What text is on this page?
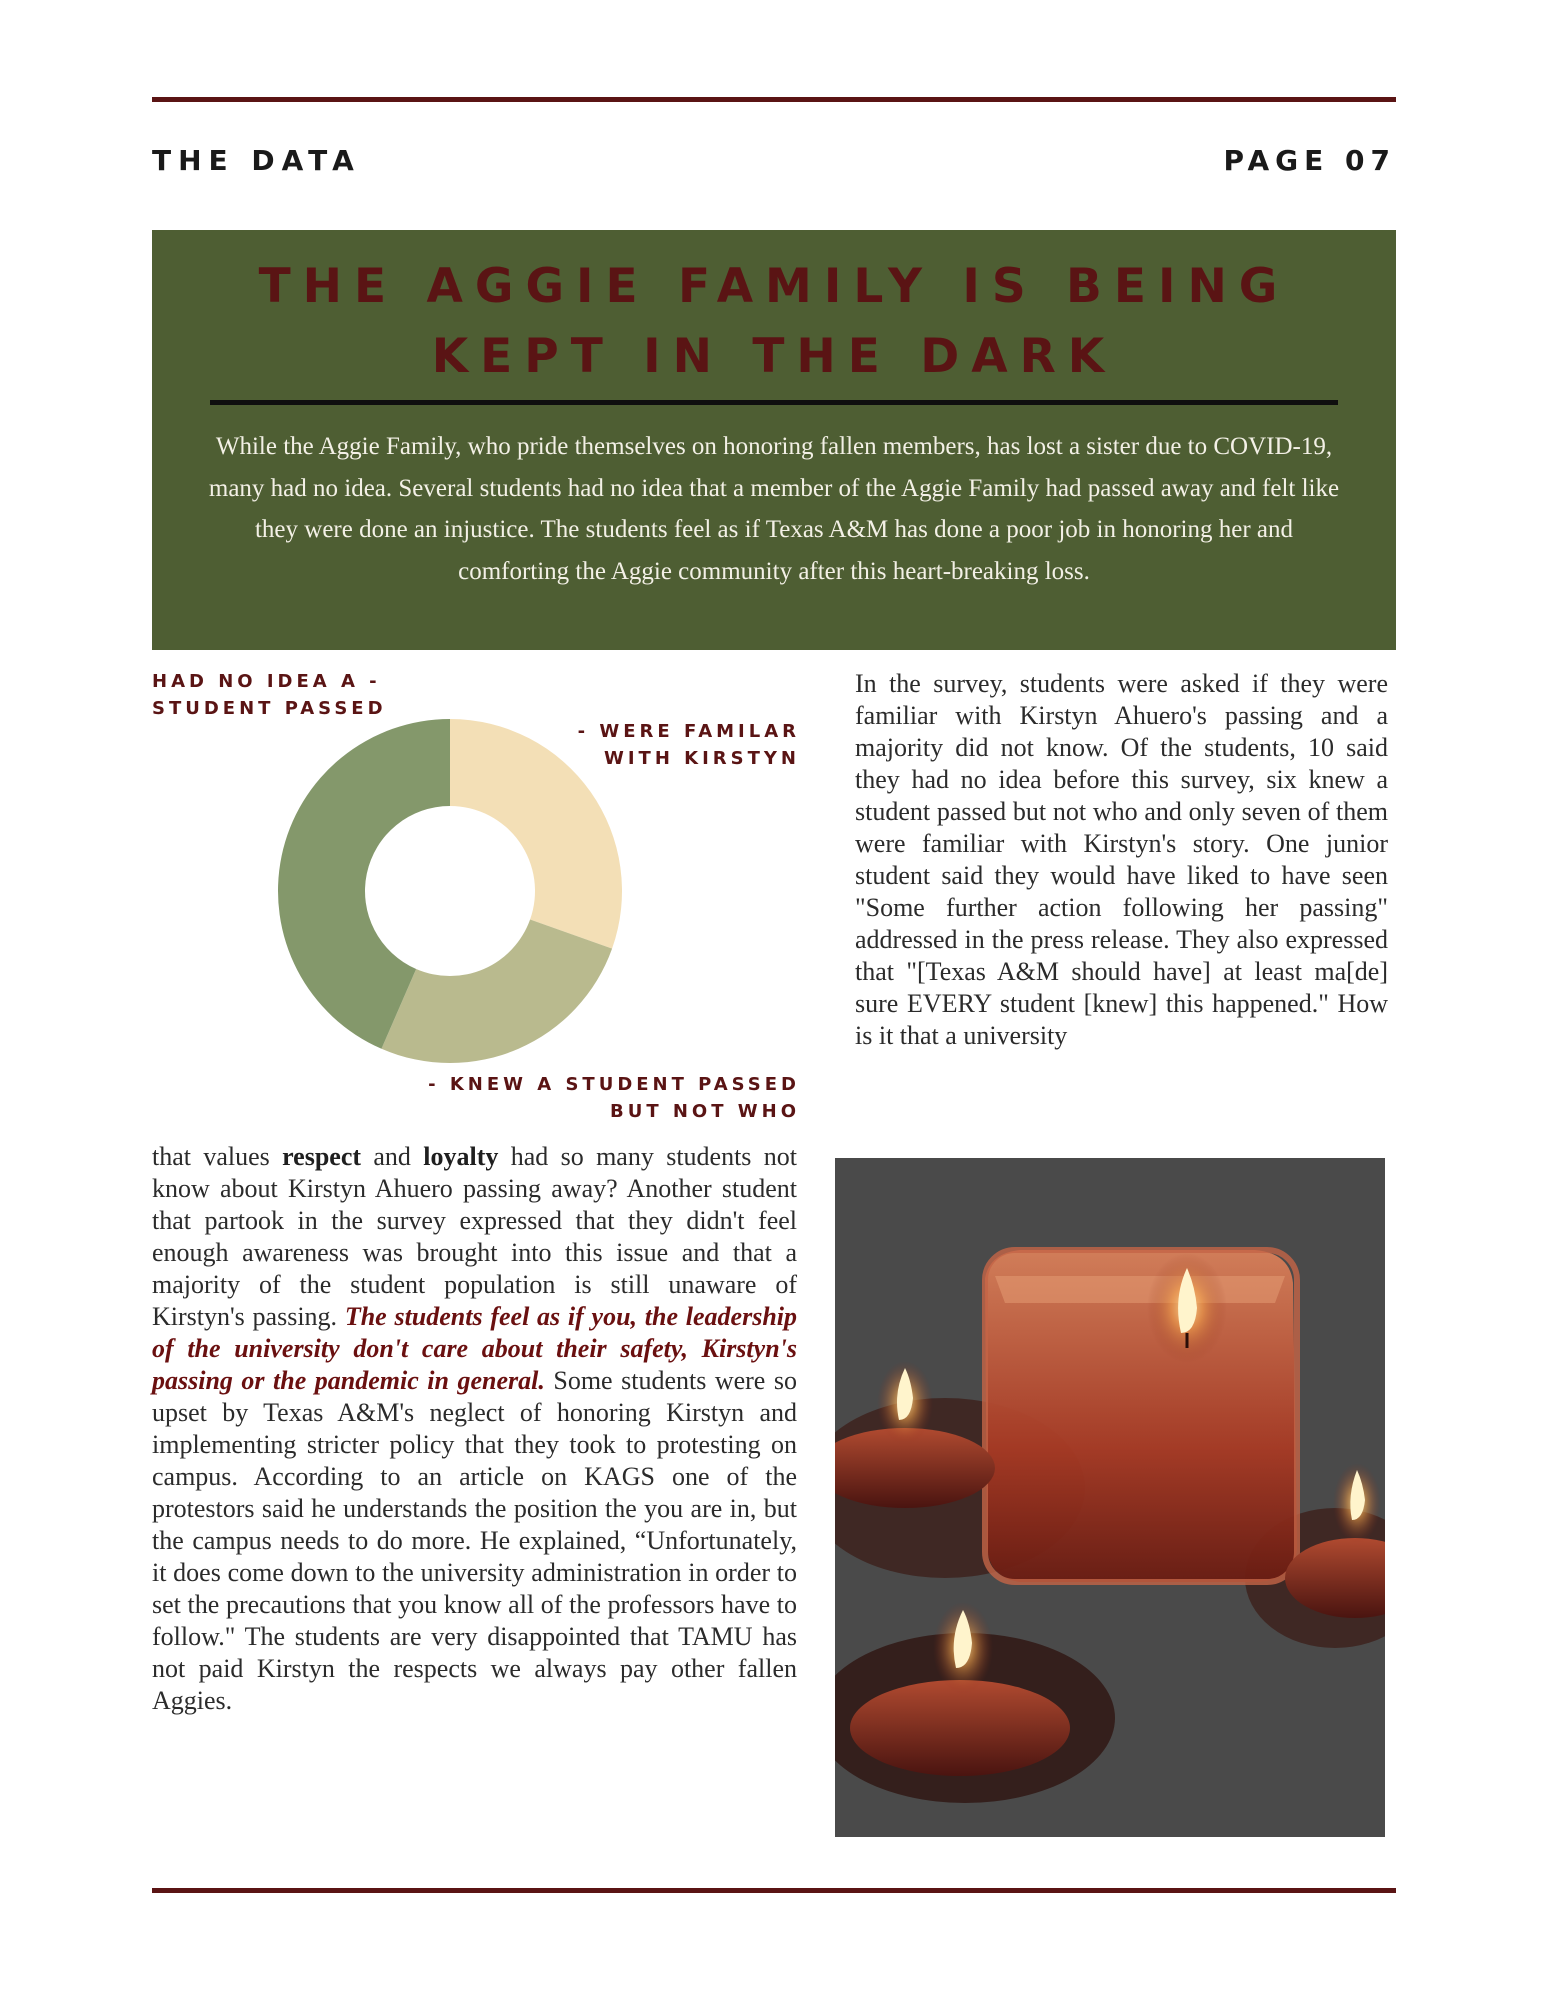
THE DATA	PAGE 07
THE AGGIE FAMILY IS BEING
KEPT IN THE DARK
While the Aggie Family, who pride themselves on honoring fallen members, has lost a sister due to COVID-19, many had no idea. Several students had no idea that a member of the Aggie Family had passed away and felt like they were done an injustice. The students feel as if Texas A&M has done a poor job in honoring her and comforting the Aggie community after this heart-breaking loss.
HAD NO IDEA A -
STUDENT PASSED
- WERE FAMILAR
WITH KIRSTYN
- KNEW A STUDENT PASSED
BUT NOT WHO
In the survey, students were asked if they were familiar with Kirstyn Ahuero's passing and a majority did not know. Of the students, 10 said they had no idea before this survey, six knew a student passed but not who and only seven of them were familiar with Kirstyn's story. One junior student said they would have liked to have seen "Some further action following her passing" addressed in the press release. They also expressed that "[Texas A&M should have] at least ma[de] sure EVERY student [knew] this happened." How is it that a university
that values respect and loyalty had so many students not know about Kirstyn Ahuero passing away? Another student that partook in the survey expressed that they didn't feel enough awareness was brought into this issue and that a majority of the student population is still unaware of Kirstyn's passing. The students feel as if you, the leadership of the university don't care about their safety, Kirstyn's passing or the pandemic in general. Some students were so upset by Texas A&M's neglect of honoring Kirstyn and implementing stricter policy that they took to protesting on campus. According to an article on KAGS one of the protestors said he understands the position the you are in, but the campus needs to do more. He explained, “Unfortunately, it does come down to the university administration in order to set the precautions that you know all of the professors have to follow." The students are very disappointed that TAMU has not paid Kirstyn the respects we always pay other fallen Aggies.
